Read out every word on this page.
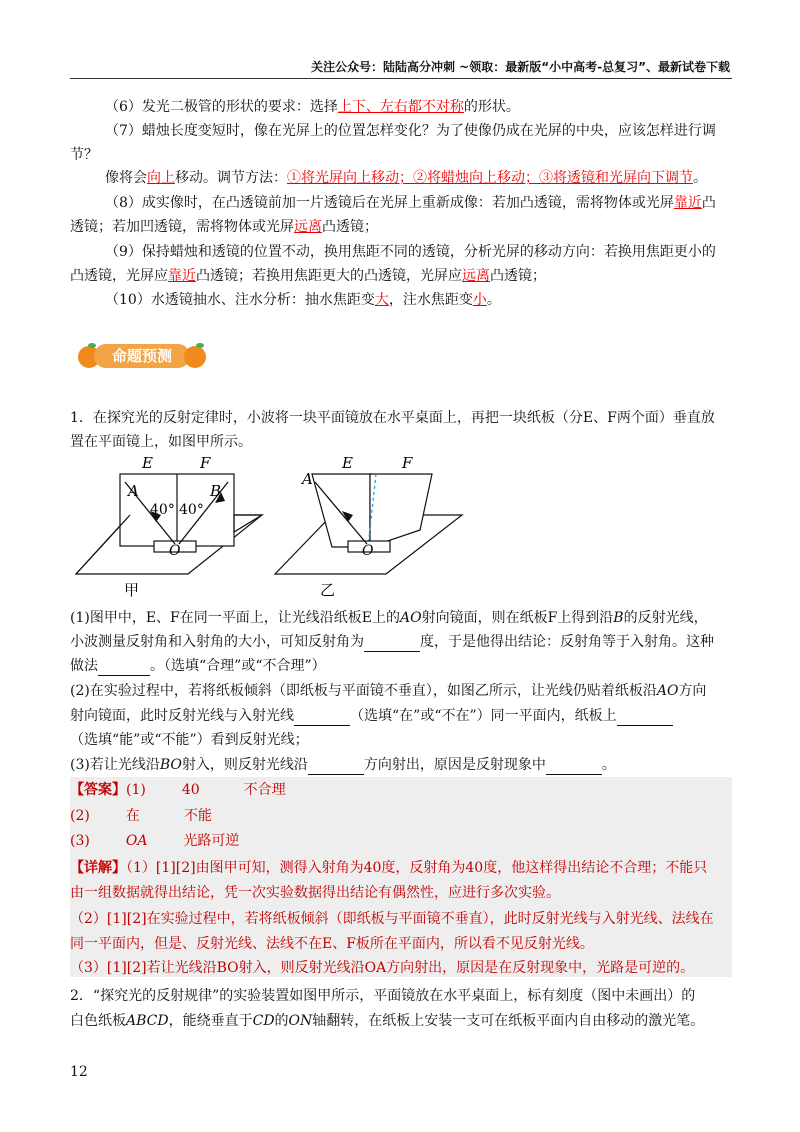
关注公众号：陆陆高分冲刺 ~领取：最新版“小中高考-总复习”、最新试卷下载
（6）发光二极管的形状的要求：选择上下、左右都不对称的形状。
（7）蜡烛长度变短时，像在光屏上的位置怎样变化？为了使像仍成在光屏的中央，应该怎样进行调
节？
像将会向上移动。调节方法：①将光屏向上移动；②将蜡烛向上移动；③将透镜和光屏向下调节。
（8）成实像时，在凸透镜前加一片透镜后在光屏上重新成像：若加凸透镜，需将物体或光屏靠近凸
透镜；若加凹透镜，需将物体或光屏远离凸透镜；
（9）保持蜡烛和透镜的位置不动，换用焦距不同的透镜，分析光屏的移动方向：若换用焦距更小的
凸透镜，光屏应靠近凸透镜；若换用焦距更大的凸透镜，光屏应远离凸透镜；
（10）水透镜抽水、注水分析：抽水焦距变大，注水焦距变小。
命题预测
1．在探究光的反射定律时，小波将一块平面镜放在水平桌面上，再把一块纸板（分E、F两个面）垂直放
置在平面镜上，如图甲所示。
E	F
A	B
40° 40°
O
甲
E	F
A
O
乙
(1)图甲中，E、F在同一平面上，让光线沿纸板E上的AO射向镜面，则在纸板F上得到沿B的反射光线，
小波测量反射角和入射角的大小，可知反射角为	度，于是他得出结论：反射角等于入射角。这种
做法	。（选填“合理”或“不合理”）
(2)在实验过程中，若将纸板倾斜（即纸板与平面镜不垂直），如图乙所示，让光线仍贴着纸板沿AO方向
射向镜面，此时反射光线与入射光线	（选填“在”或“不在”）同一平面内，纸板上
（选填“能”或“不能”）看到反射光线；
(3)若让光线沿BO射入，则反射光线沿	方向射出，原因是反射现象中	。
【答案】(1)	40	不合理
(2)	在	不能
(3)	OA	光路可逆
【详解】（1）[1][2]由图甲可知，测得入射角为40度，反射角为40度，他这样得出结论不合理；不能只
由一组数据就得出结论，凭一次实验数据得出结论有偶然性，应进行多次实验。
（2）[1][2]在实验过程中，若将纸板倾斜（即纸板与平面镜不垂直），此时反射光线与入射光线、法线在
同一平面内，但是、反射光线、法线不在E、F板所在平面内，所以看不见反射光线。
（3）[1][2]若让光线沿BO射入，则反射光线沿OA方向射出，原因是在反射现象中，光路是可逆的。
2．“探究光的反射规律”的实验装置如图甲所示，平面镜放在水平桌面上，标有刻度（图中未画出）的
白色纸板ABCD，能绕垂直于CD的ON轴翻转，在纸板上安装一支可在纸板平面内自由移动的激光笔。
12
